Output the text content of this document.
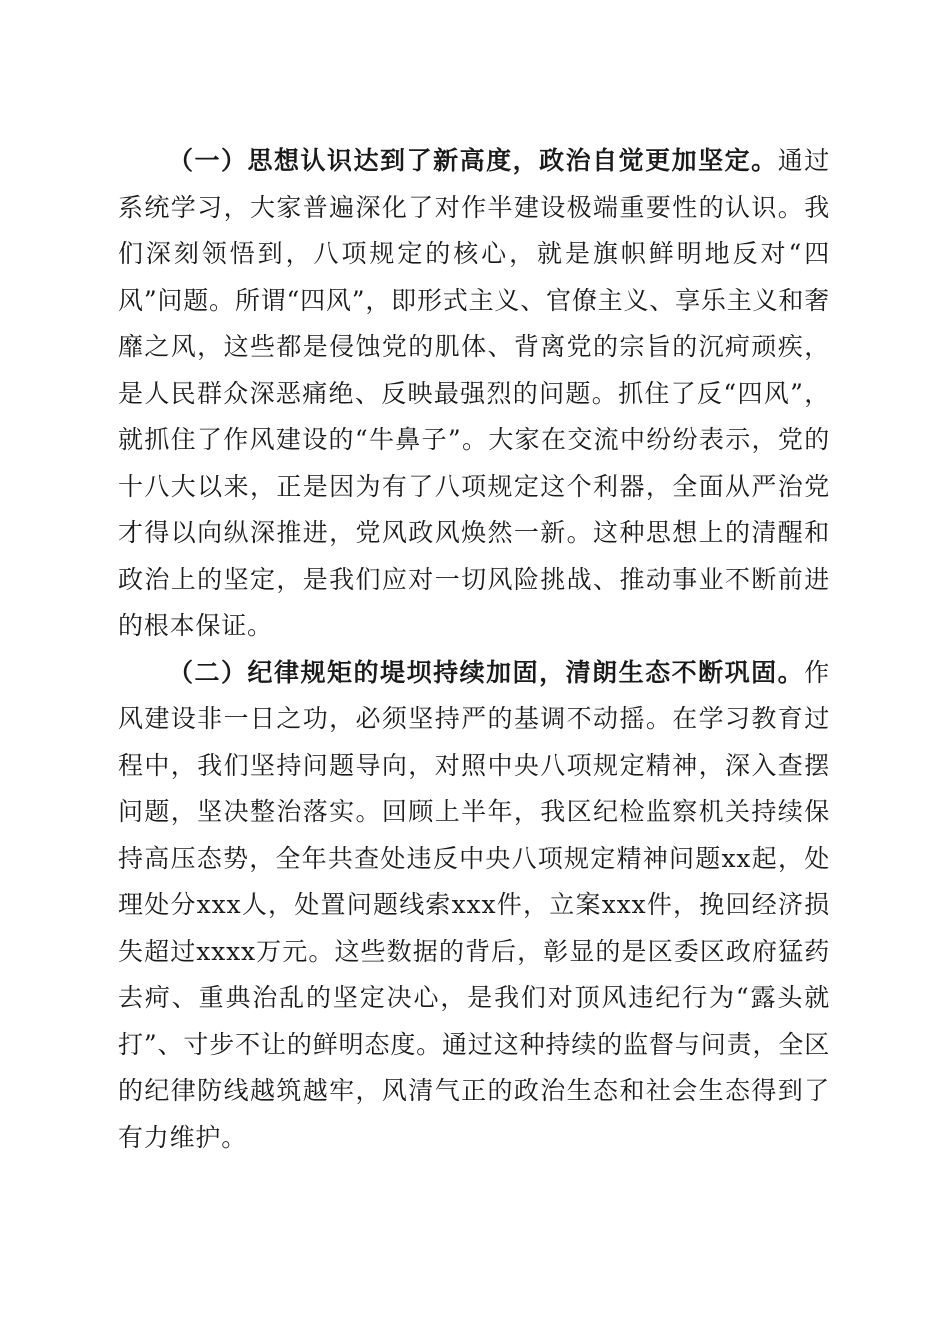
（一）思想认识达到了新高度，政治自觉更加坚定。通过系统学习，大家普遍深化了对作半建设极端重要性的认识。我们深刻领悟到，八项规定的核心，就是旗帜鲜明地反对“四风”问题。所谓“四风”，即形式主义、官僚主义、享乐主义和奢靡之风，这些都是侵蚀党的肌体、背离党的宗旨的沉疴顽疾，是人民群众深恶痛绝、反映最强烈的问题。抓住了反“四风”，就抓住了作风建设的“牛鼻子”。大家在交流中纷纷表示，党的十八大以来，正是因为有了八项规定这个利器，全面从严治党才得以向纵深推进，党风政风焕然一新。这种思想上的清醒和政治上的坚定，是我们应对一切风险挑战、推动事业不断前进的根本保证。

（二）纪律规矩的堤坝持续加固，清朗生态不断巩固。作风建设非一日之功，必须坚持严的基调不动摇。在学习教育过程中，我们坚持问题导向，对照中央八项规定精神，深入查摆问题，坚决整治落实。回顾上半年，我区纪检监察机关持续保持高压态势，全年共查处违反中央八项规定精神问题xx起，处理处分xxx人，处置问题线索xxx件，立案xxx件，挽回经济损失超过xxxx万元。这些数据的背后，彰显的是区委区政府猛药去疴、重典治乱的坚定决心，是我们对顶风违纪行为“露头就打”、寸步不让的鲜明态度。通过这种持续的监督与问责，全区的纪律防线越筑越牢，风清气正的政治生态和社会生态得到了有力维护。
